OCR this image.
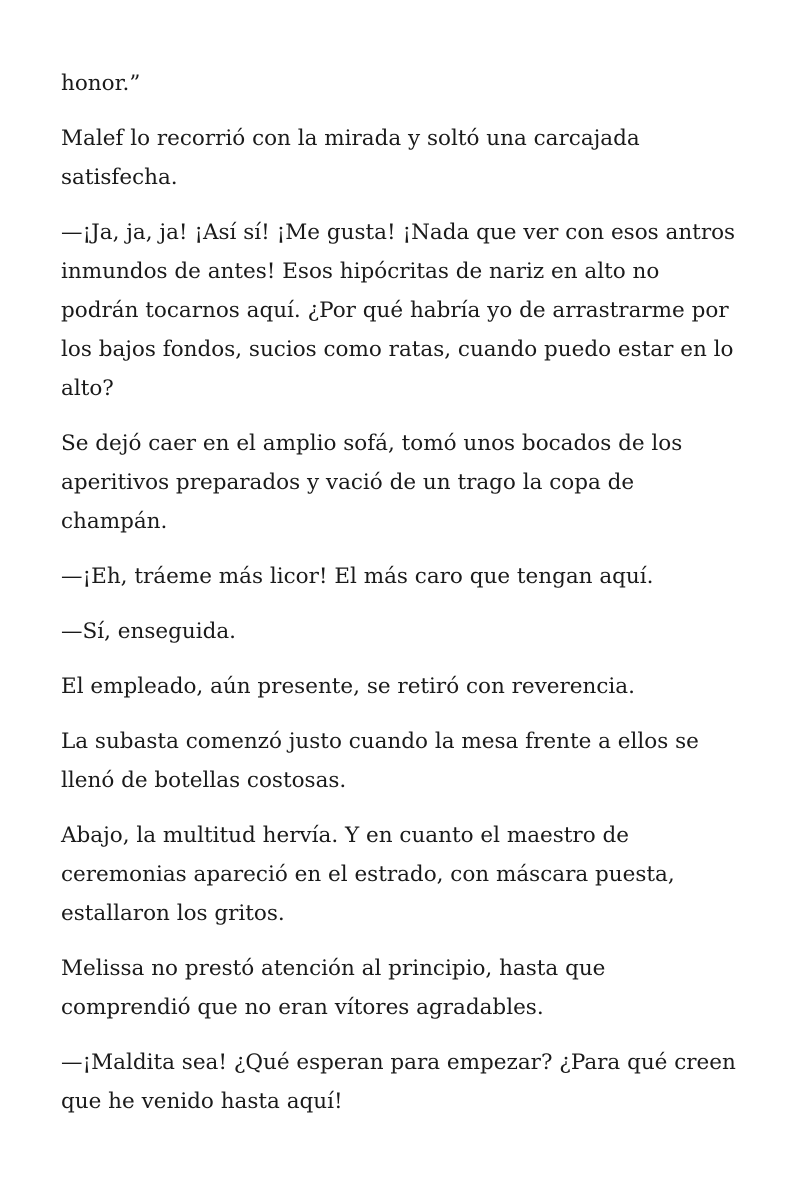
honor.”

Malef lo recorrió con la mirada y soltó una carcajada satisfecha.

—¡Ja, ja, ja! ¡Así sí! ¡Me gusta! ¡Nada que ver con esos antros inmundos de antes! Esos hipócritas de nariz en alto no podrán tocarnos aquí. ¿Por qué habría yo de arrastrarme por los bajos fondos, sucios como ratas, cuando puedo estar en lo alto?

Se dejó caer en el amplio sofá, tomó unos bocados de los aperitivos preparados y vació de un trago la copa de champán.

—¡Eh, tráeme más licor! El más caro que tengan aquí.

—Sí, enseguida.

El empleado, aún presente, se retiró con reverencia.

La subasta comenzó justo cuando la mesa frente a ellos se llenó de botellas costosas.

Abajo, la multitud hervía. Y en cuanto el maestro de ceremonias apareció en el estrado, con máscara puesta, estallaron los gritos.

Melissa no prestó atención al principio, hasta que comprendió que no eran vítores agradables.

—¡Maldita sea! ¿Qué esperan para empezar? ¿Para qué creen que he venido hasta aquí!
